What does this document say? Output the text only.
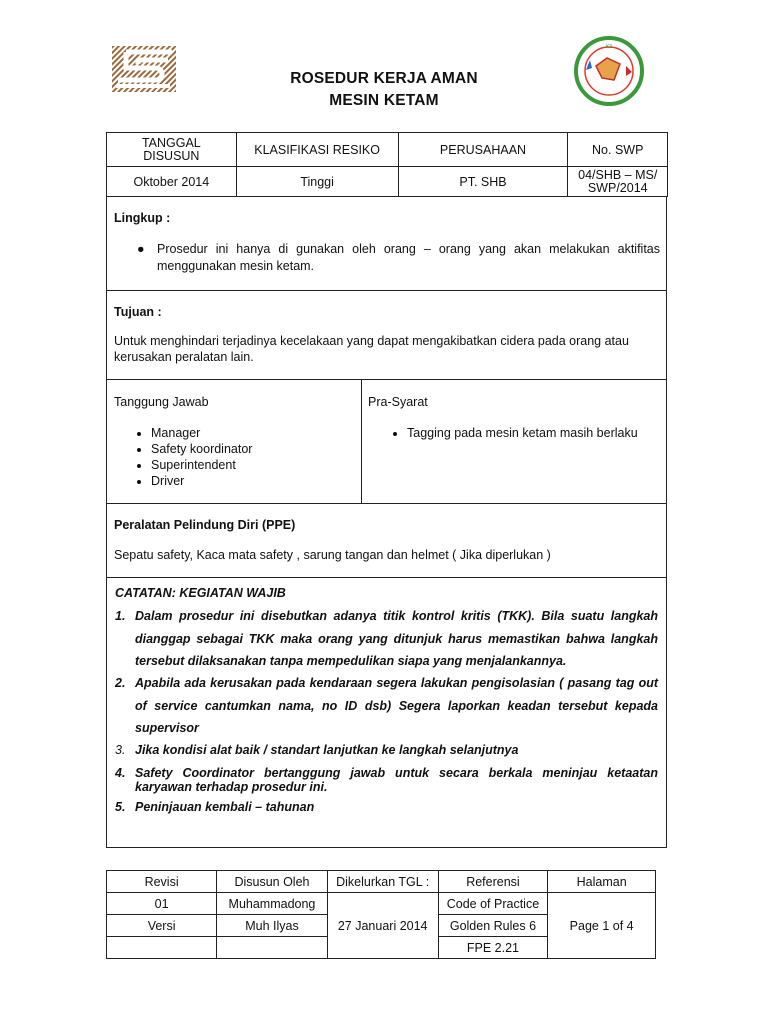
K3
ROSEDUR KERJA AMAN
MESIN KETAM
TANGGAL
DISUSUN	KLASIFIKASI RESIKO	PERUSAHAAN	No. SWP
Oktober 2014	Tinggi	PT. SHB	04/SHB – MS/
SWP/2014
Lingkup :
● Prosedur ini hanya di gunakan oleh orang – orang yang akan melakukan aktifitas
menggunakan mesin ketam.
Tujuan :
Untuk menghindari terjadinya kecelakaan yang dapat mengakibatkan cidera pada orang atau
kerusakan peralatan lain.
Tanggung Jawab
• Manager
• Safety koordinator
• Superintendent
• Driver
Pra-Syarat
• Tagging pada mesin ketam masih berlaku
Peralatan Pelindung Diri (PPE)
Sepatu safety, Kaca mata safety , sarung tangan dan helmet ( Jika diperlukan )
CATATAN: KEGIATAN WAJIB
1. Dalam prosedur ini disebutkan adanya titik kontrol kritis (TKK). Bila suatu langkah
dianggap sebagai TKK maka orang yang ditunjuk harus memastikan bahwa langkah
tersebut dilaksanakan tanpa mempedulikan siapa yang menjalankannya.
2. Apabila ada kerusakan pada kendaraan segera lakukan pengisolasian ( pasang tag out
of service cantumkan nama, no ID dsb) Segera laporkan keadan tersebut kepada
supervisor
3. Jika kondisi alat baik / standart lanjutkan ke langkah selanjutnya
4. Safety Coordinator bertanggung jawab untuk secara berkala meninjau ketaatan
karyawan terhadap prosedur ini.
5. Peninjauan kembali – tahunan
Revisi	Disusun Oleh	Dikelurkan TGL :	Referensi	Halaman
01	Muhammadong	27 Januari 2014	Code of Practice	Page 1 of 4
Versi	Muh Ilyas		Golden Rules 6	
			FPE 2.21	
